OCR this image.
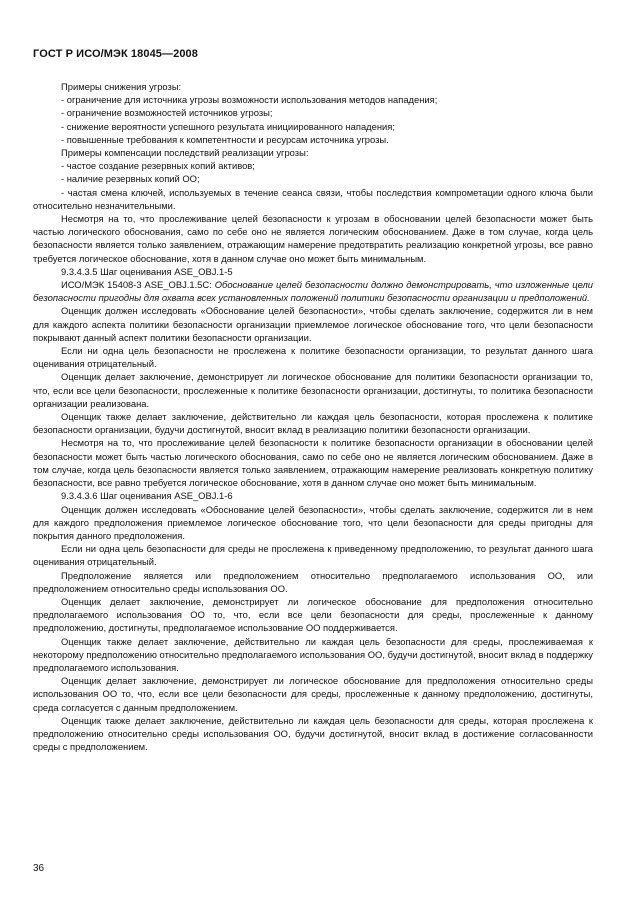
ГОСТ Р ИСО/МЭК 18045—2008

Примеры снижения угрозы:

- ограничение для источника угрозы возможности использования методов нападения;

- ограничение возможностей источников угрозы;

- снижение вероятности успешного результата инициированного нападения;

- повышенные требования к компетентности и ресурсам источника угрозы.

Примеры компенсации последствий реализации угрозы:

- частое создание резервных копий активов;

- наличие резервных копий ОО;

- частая смена ключей, используемых в течение сеанса связи, чтобы последствия компрометации одного ключа были относительно незначительными.

Несмотря на то, что прослеживание целей безопасности к угрозам в обосновании целей безопасности может быть частью логического обоснования, само по себе оно не является логическим обоснованием. Даже в том случае, когда цель безопасности является только заявлением, отражающим намерение предотвратить реализацию конкретной угрозы, все равно требуется логическое обоснование, хотя в данном случае оно может быть минимальным.

9.3.4.3.5 Шаг оценивания ASE_OBJ.1-5

ИСО/МЭК 15408-3 ASE_OBJ.1.5C: Обоснование целей безопасности должно демонстрировать, что изложенные цели безопасности пригодны для охвата всех установленных положений политики безопасности организации и предположений.

Оценщик должен исследовать «Обоснование целей безопасности», чтобы сделать заключение, содержится ли в нем для каждого аспекта политики безопасности организации приемлемое логическое обоснование того, что цели безопасности покрывают данный аспект политики безопасности организации.

Если ни одна цель безопасности не прослежена к политике безопасности организации, то результат данного шага оценивания отрицательный.

Оценщик делает заключение, демонстрирует ли логическое обоснование для политики безопасности организации то, что, если все цели безопасности, прослеженные к политике безопасности организации, достигнуты, то политика безопасности организации реализована.

Оценщик также делает заключение, действительно ли каждая цель безопасности, которая прослежена к политике безопасности организации, будучи достигнутой, вносит вклад в реализацию политики безопасности организации.

Несмотря на то, что прослеживание целей безопасности к политике безопасности организации в обосновании целей безопасности может быть частью логического обоснования, само по себе оно не является логическим обоснованием. Даже в том случае, когда цель безопасности является только заявлением, отражающим намерение реализовать конкретную политику безопасности, все равно требуется логическое обоснование, хотя в данном случае оно может быть минимальным.

9.3.4.3.6 Шаг оценивания ASE_OBJ.1-6

Оценщик должен исследовать «Обоснование целей безопасности», чтобы сделать заключение, содержится ли в нем для каждого предположения приемлемое логическое обоснование того, что цели безопасности для среды пригодны для покрытия данного предположения.

Если ни одна цель безопасности для среды не прослежена к приведенному предположению, то результат данного шага оценивания отрицательный.

Предположение является или предположением относительно предполагаемого использования ОО, или предположением относительно среды использования ОО.

Оценщик делает заключение, демонстрирует ли логическое обоснование для предположения относительно предполагаемого использования ОО то, что, если все цели безопасности для среды, прослеженные к данному предположению, достигнуты, предполагаемое использование ОО поддерживается.

Оценщик также делает заключение, действительно ли каждая цель безопасности для среды, прослеживаемая к некоторому предположению относительно предполагаемого использования ОО, будучи достигнутой, вносит вклад в поддержку предполагаемого использования.

Оценщик делает заключение, демонстрирует ли логическое обоснование для предположения относительно среды использования ОО то, что, если все цели безопасности для среды, прослеженные к данному предположению, достигнуты, среда согласуется с данным предположением.

Оценщик также делает заключение, действительно ли каждая цель безопасности для среды, которая прослежена к предположению относительно среды использования ОО, будучи достигнутой, вносит вклад в достижение согласованности среды с предположением.

36
